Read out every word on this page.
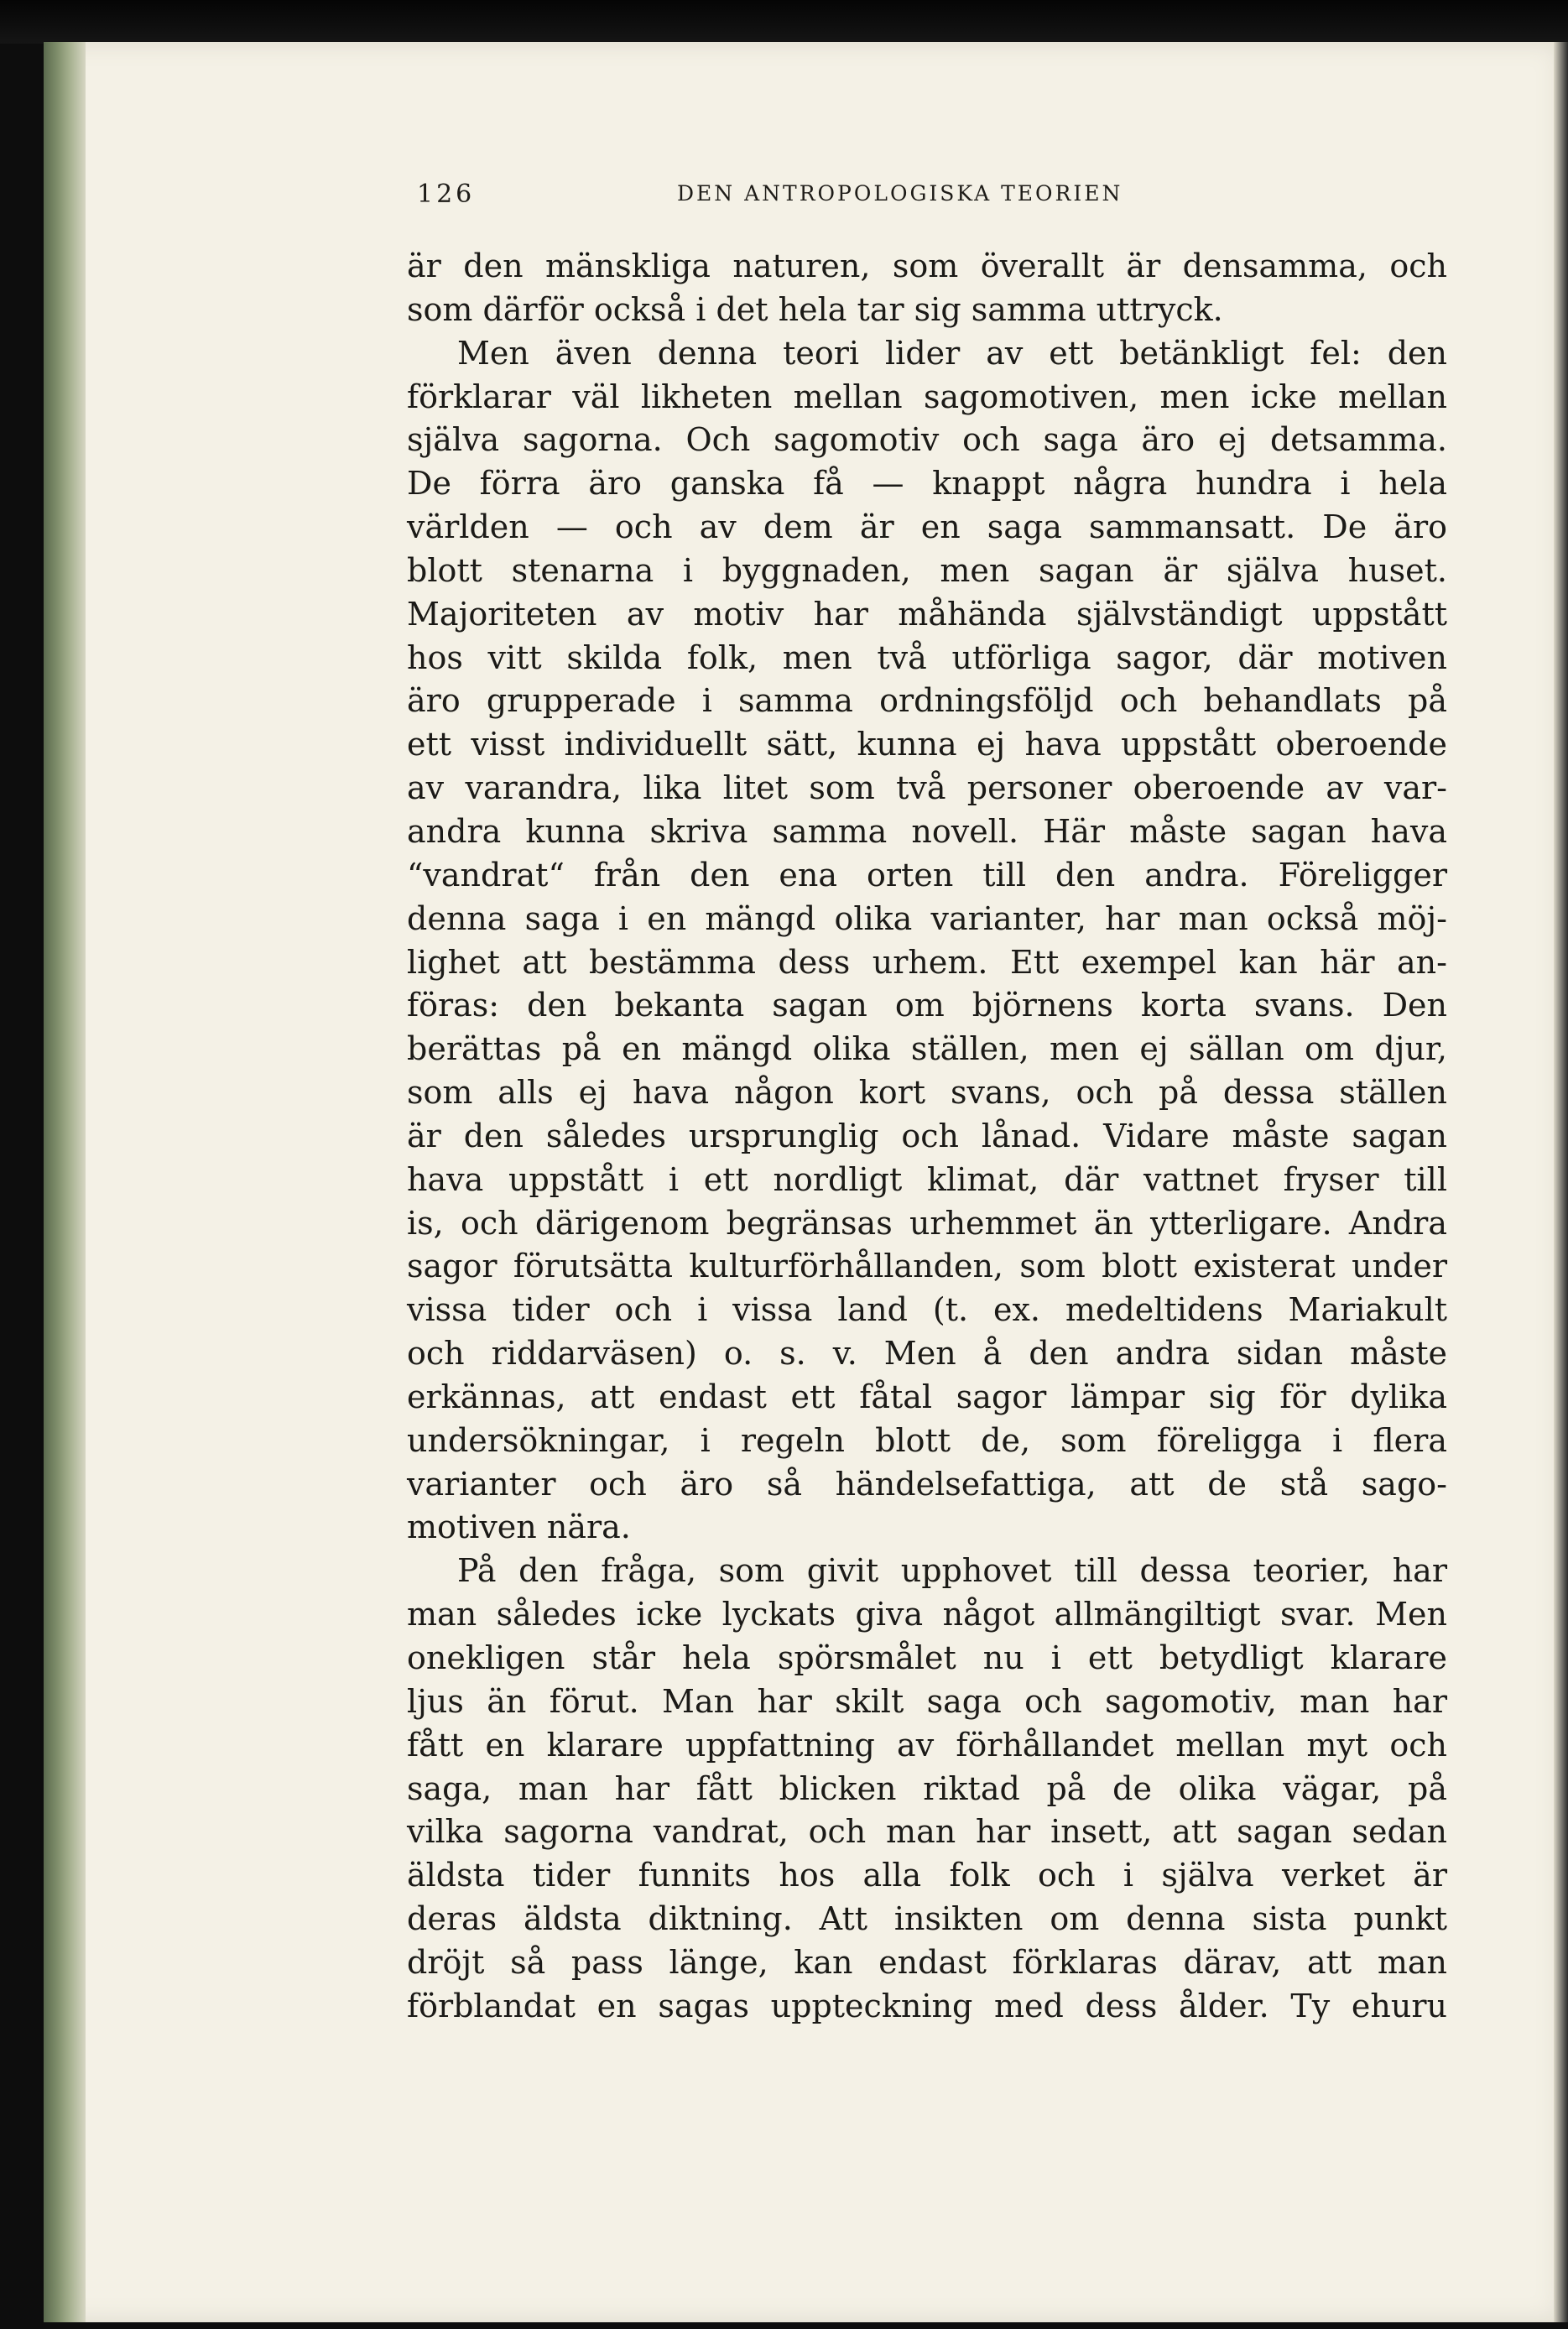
126	DEN ANTROPOLOGISKA TEORIEN
är den mänskliga naturen, som överallt är densamma, och
som därför också i det hela tar sig samma uttryck.
Men även denna teori lider av ett betänkligt fel: den
förklarar väl likheten mellan sagomotiven, men icke mellan
själva sagorna. Och sagomotiv och saga äro ej detsamma.
De förra äro ganska få — knappt några hundra i hela
världen — och av dem är en saga sammansatt. De äro
blott stenarna i byggnaden, men sagan är själva huset.
Majoriteten av motiv har måhända självständigt uppstått
hos vitt skilda folk, men två utförliga sagor, där motiven
äro grupperade i samma ordningsföljd och behandlats på
ett visst individuellt sätt, kunna ej hava uppstått oberoende
av varandra, lika litet som två personer oberoende av var-
andra kunna skriva samma novell. Här måste sagan hava
“vandrat“ från den ena orten till den andra. Föreligger
denna saga i en mängd olika varianter, har man också möj-
lighet att bestämma dess urhem. Ett exempel kan här an-
föras: den bekanta sagan om björnens korta svans. Den
berättas på en mängd olika ställen, men ej sällan om djur,
som alls ej hava någon kort svans, och på dessa ställen
är den således ursprunglig och lånad. Vidare måste sagan
hava uppstått i ett nordligt klimat, där vattnet fryser till
is, och därigenom begränsas urhemmet än ytterligare. Andra
sagor förutsätta kulturförhållanden, som blott existerat under
vissa tider och i vissa land (t. ex. medeltidens Mariakult
och riddarväsen) o. s. v. Men å den andra sidan måste
erkännas, att endast ett fåtal sagor lämpar sig för dylika
undersökningar, i regeln blott de, som föreligga i flera
varianter och äro så händelsefattiga, att de stå sago-
motiven nära.
På den fråga, som givit upphovet till dessa teorier, har
man således icke lyckats giva något allmängiltigt svar. Men
onekligen står hela spörsmålet nu i ett betydligt klarare
ljus än förut. Man har skilt saga och sagomotiv, man har
fått en klarare uppfattning av förhållandet mellan myt och
saga, man har fått blicken riktad på de olika vägar, på
vilka sagorna vandrat, och man har insett, att sagan sedan
äldsta tider funnits hos alla folk och i själva verket är
deras äldsta diktning. Att insikten om denna sista punkt
dröjt så pass länge, kan endast förklaras därav, att man
förblandat en sagas uppteckning med dess ålder. Ty ehuru
